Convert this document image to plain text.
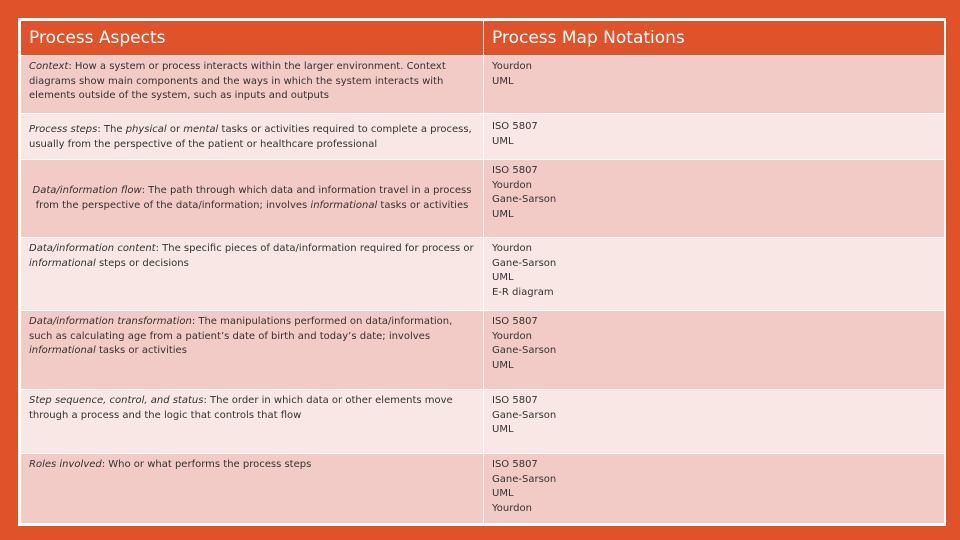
Process Aspects	Process Map Notations
Context: How a system or process interacts within the larger environment. Context diagrams show main components and the ways in which the system interacts with elements outside of the system, such as inputs and outputs	Yourdon
UML

Process steps: The physical or mental tasks or activities required to complete a process, usually from the perspective of the patient or healthcare professional	ISO 5807
UML

Data/information flow: The path through which data and information travel in a process from the perspective of the data/information; involves informational tasks or activities	ISO 5807
Yourdon
Gane-Sarson
UML

Data/information content: The specific pieces of data/information required for process or informational steps or decisions	Yourdon
Gane-Sarson
UML
E-R diagram

Data/information transformation: The manipulations performed on data/information, such as calculating age from a patient’s date of birth and today’s date; involves informational tasks or activities	ISO 5807
Yourdon
Gane-Sarson
UML

Step sequence, control, and status: The order in which data or other elements move through a process and the logic that controls that flow	ISO 5807
Gane-Sarson
UML

Roles involved: Who or what performs the process steps	ISO 5807
Gane-Sarson
UML
Yourdon
